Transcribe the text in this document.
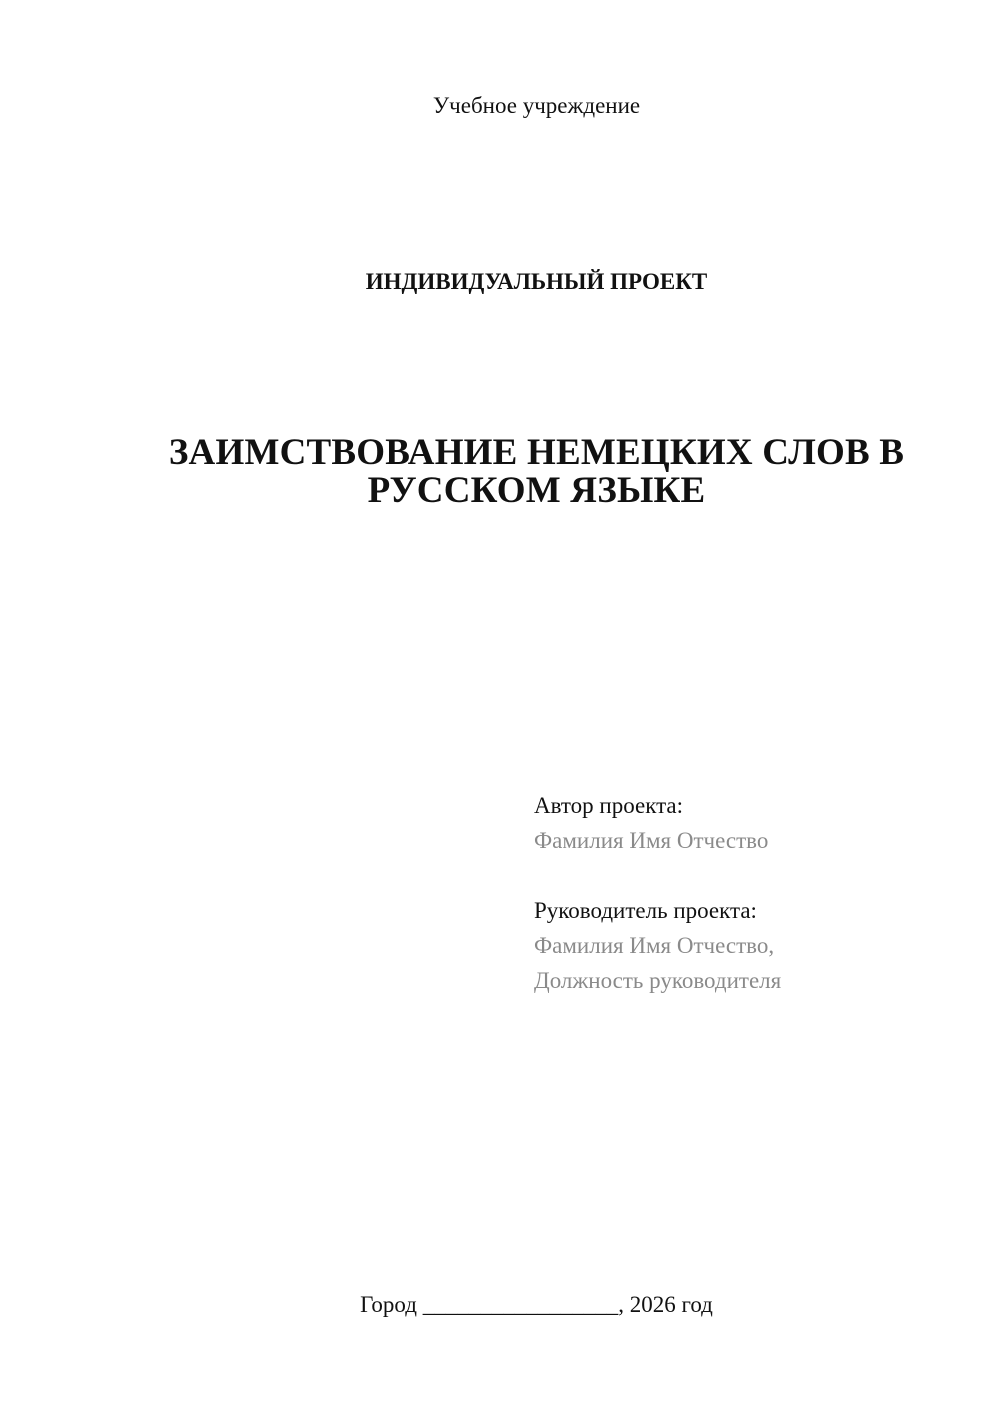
Учебное учреждение
ИНДИВИДУАЛЬНЫЙ ПРОЕКТ
ЗАИМСТВОВАНИЕ НЕМЕЦКИХ СЛОВ В
РУССКОМ ЯЗЫКЕ
Автор проекта:
Фамилия Имя Отчество
Руководитель проекта:
Фамилия Имя Отчество,
Должность руководителя
Город _________________, 2026 год
